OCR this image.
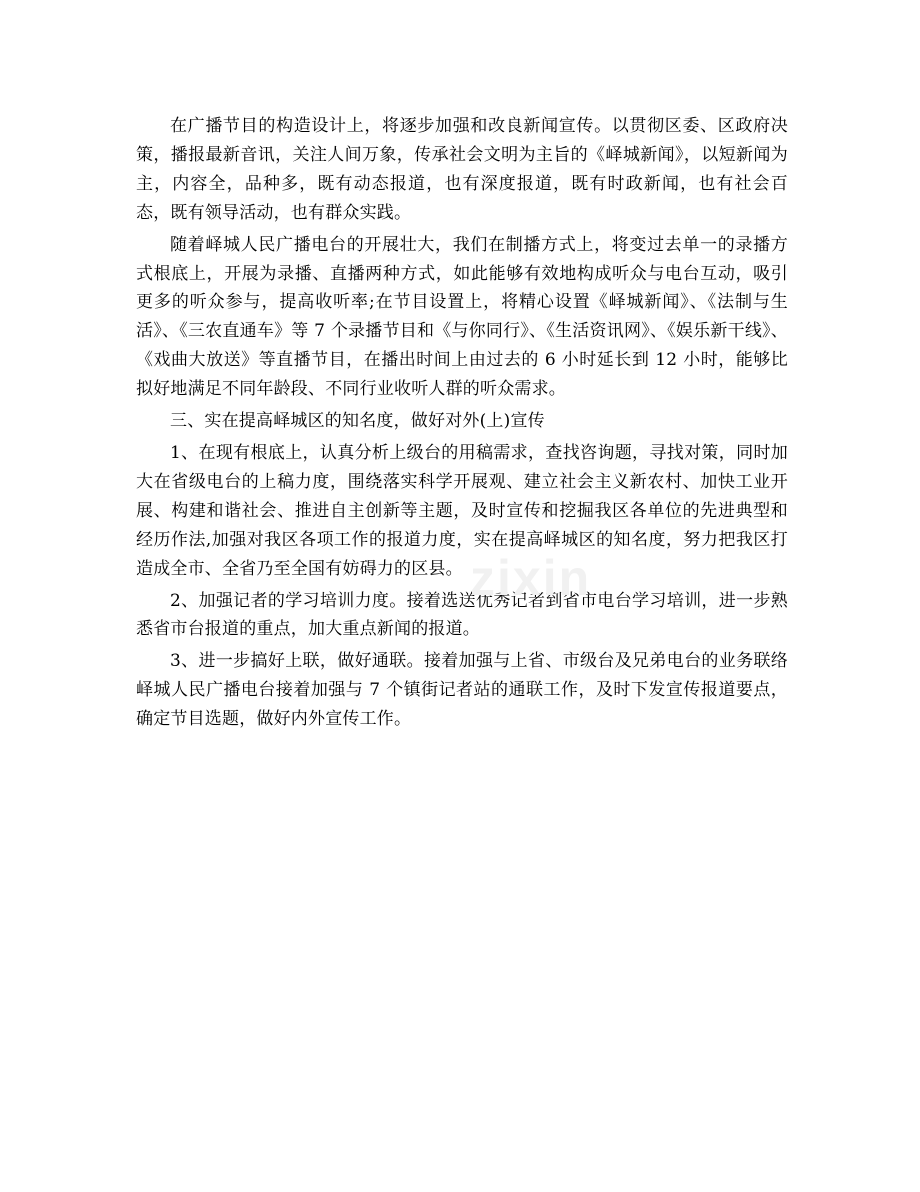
在广播节目的构造设计上，将逐步加强和改良新闻宣传。以贯彻区委、区政府决策，播报最新音讯，关注人间万象，传承社会文明为主旨的《峄城新闻》，以短新闻为主，内容全，品种多，既有动态报道，也有深度报道，既有时政新闻，也有社会百态，既有领导活动，也有群众实践。

随着峄城人民广播电台的开展壮大，我们在制播方式上，将变过去单一的录播方式根底上，开展为录播、直播两种方式，如此能够有效地构成听众与电台互动，吸引更多的听众参与，提高收听率;在节目设置上，将精心设置《峄城新闻》、《法制与生活》、《三农直通车》等 7 个录播节目和《与你同行》、《生活资讯网》、《娱乐新干线》、《戏曲大放送》等直播节目，在播出时间上由过去的 6 小时延长到 12 小时，能够比拟好地满足不同年龄段、不同行业收听人群的听众需求。

三、实在提高峄城区的知名度，做好对外(上)宣传

1、在现有根底上，认真分析上级台的用稿需求，查找咨询题，寻找对策，同时加大在省级电台的上稿力度，围绕落实科学开展观、建立社会主义新农村、加快工业开展、构建和谐社会、推进自主创新等主题，及时宣传和挖掘我区各单位的先进典型和经历作法,加强对我区各项工作的报道力度，实在提高峄城区的知名度，努力把我区打造成全市、全省乃至全国有妨碍力的区县。

2、加强记者的学习培训力度。接着选送优秀记者到省市电台学习培训，进一步熟悉省市台报道的重点，加大重点新闻的报道。

3、进一步搞好上联，做好通联。接着加强与上省、市级台及兄弟电台的业务联络峄城人民广播电台接着加强与 7 个镇街记者站的通联工作，及时下发宣传报道要点，确定节目选题，做好内外宣传工作。

zixin
